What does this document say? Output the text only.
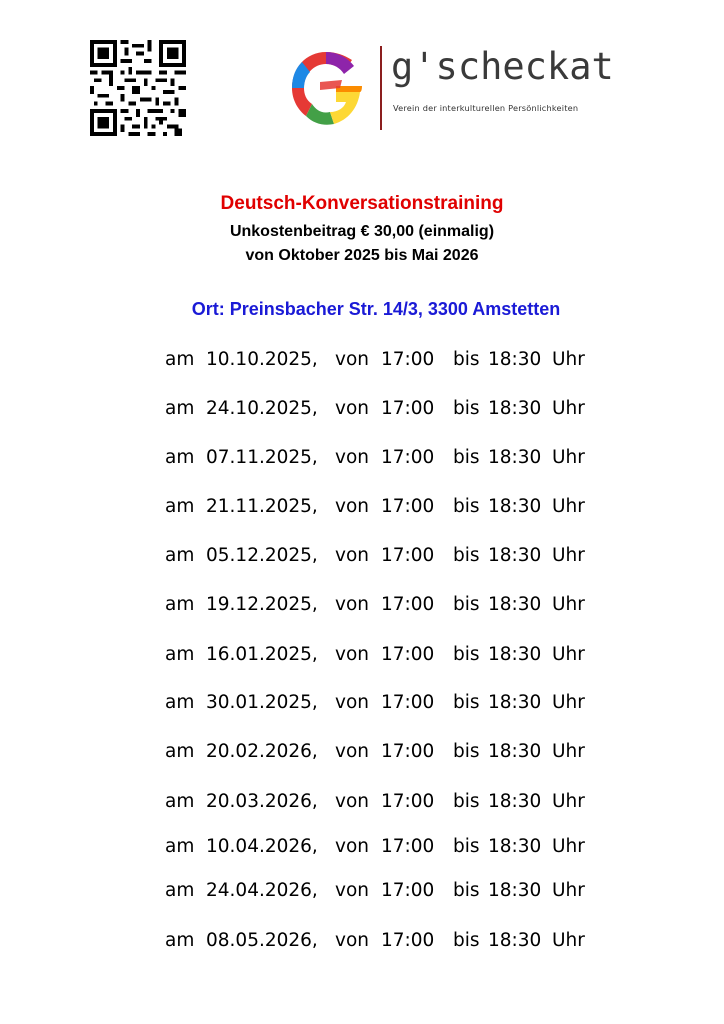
g'scheckat
Verein der interkulturellen Persönlichkeiten
Deutsch-Konversationstraining
Unkostenbeitrag € 30,00 (einmalig)
von Oktober 2025 bis Mai 2026
Ort: Preinsbacher Str. 14/3, 3300 Amstetten
am 10.10.2025, von 17:00 bis 18:30 Uhr
am 24.10.2025, von 17:00 bis 18:30 Uhr
am 07.11.2025, von 17:00 bis 18:30 Uhr
am 21.11.2025, von 17:00 bis 18:30 Uhr
am 05.12.2025, von 17:00 bis 18:30 Uhr
am 19.12.2025, von 17:00 bis 18:30 Uhr
am 16.01.2025, von 17:00 bis 18:30 Uhr
am 30.01.2025, von 17:00 bis 18:30 Uhr
am 20.02.2026, von 17:00 bis 18:30 Uhr
am 20.03.2026, von 17:00 bis 18:30 Uhr
am 10.04.2026, von 17:00 bis 18:30 Uhr
am 24.04.2026, von 17:00 bis 18:30 Uhr
am 08.05.2026, von 17:00 bis 18:30 Uhr
